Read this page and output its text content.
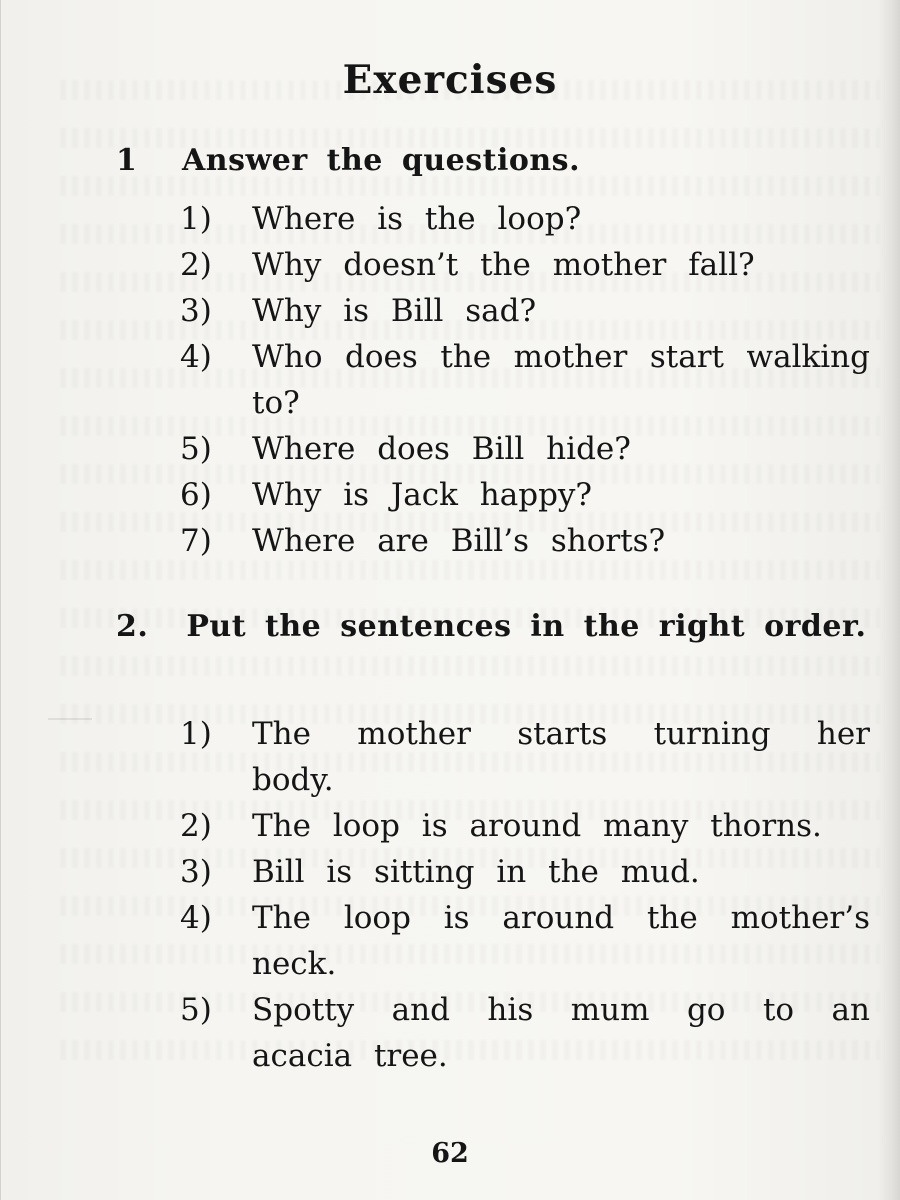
Exercises
1 Answer the questions.
1)	Where is the loop?
2)	Why doesn’t the mother fall?
3)	Why is Bill sad?
4)	Who does the mother start walking to?
5)	Where does Bill hide?
6)	Why is Jack happy?
7)	Where are Bill’s shorts?
2. Put the sentences in the right order.
1)	The mother starts turning her body.
2)	The loop is around many thorns.
3)	Bill is sitting in the mud.
4)	The loop is around the mother’s neck.
5)	Spotty and his mum go to an acacia tree.
62
